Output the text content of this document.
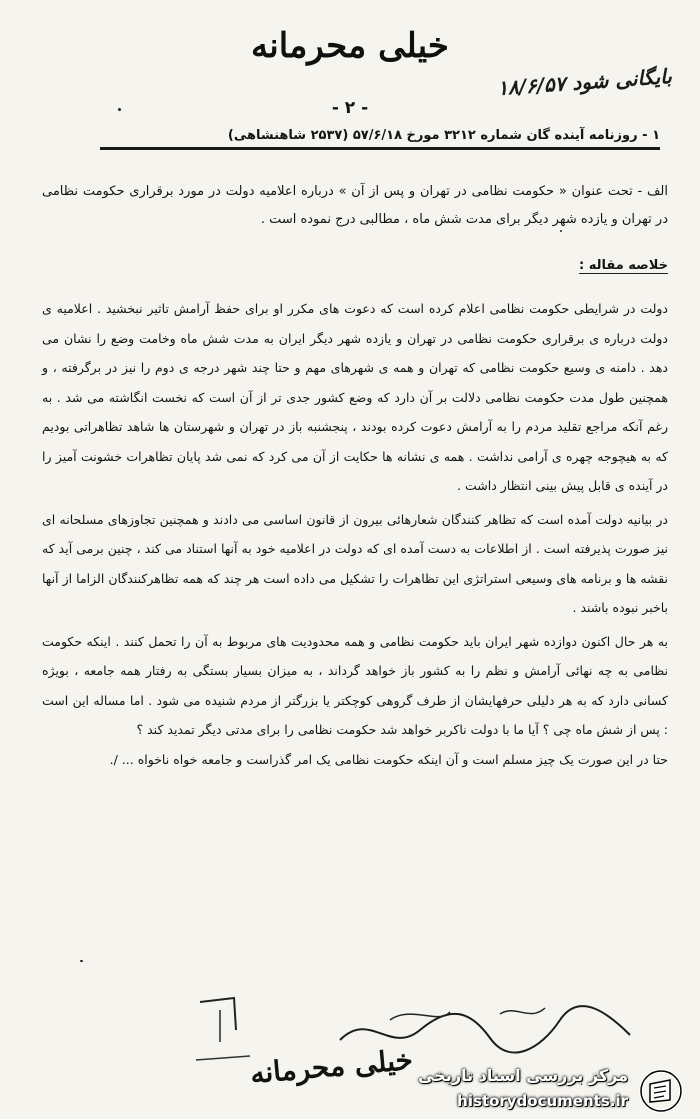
خیلی محرمانه
بایگانی شود ۱۸/۶/۵۷
- ۲ -
۱ - روزنامه آینده گان شماره ۳۲۱۲ مورخ ۵۷/۶/۱۸ (۲۵۳۷ شاهنشاهی)
الف - تحت عنوان « حکومت نظامی در تهران و پس از آن » درباره اعلامیه دولت در مورد برقراری حکومت نظامی در تهران و یازده شهر دیگر برای مدت شش ماه ، مطالبی درج نموده است .
خلاصه مقاله :

دولت در شرایطی حکومت نظامی اعلام کرده است که دعوت های مکرر او برای حفظ آرامش تاثیر نبخشید . اعلامیه ی دولت درباره ی برقراری حکومت نظامی در تهران و یازده شهر دیگر ایران به مدت شش ماه وخامت وضع را نشان می دهد . دامنه ی وسیع حکومت نظامی که تهران و همه ی شهرهای مهم و حتا چند شهر درجه ی دوم را نیز در برگرفته ، و همچنین طول مدت حکومت نظامی دلالت بر آن دارد که وضع کشور جدی تر از آن است که نخست انگاشته می شد . به رغم آنکه مراجع تقلید مردم را به آرامش دعوت کرده بودند ، پنجشنبه باز در تهران و شهرستان ها شاهد تظاهراتی بودیم که به هیچوجه چهره ی آرامی نداشت . همه ی نشانه ها حکایت از آن می کرد که نمی شد پایان تظاهرات خشونت آمیز را در آینده ی قابل پیش بینی انتظار داشت .

در بیانیه دولت آمده است که تظاهر کنندگان شعارهائی بیرون از قانون اساسی می دادند و همچنین تجاوزهای مسلحانه ای نیز صورت پذیرفته است . از اطلاعات به دست آمده ای که دولت در اعلامیه خود به آنها استناد می کند ، چنین برمی آید که نقشه ها و برنامه های وسیعی استراتژی این تظاهرات را تشکیل می داده است هر چند که همه تظاهرکنندگان الزاما از آنها باخبر نبوده باشند .

به هر حال اکنون دوازده شهر ایران باید حکومت نظامی و همه محدودیت های مربوط به آن را تحمل کنند . اینکه حکومت نظامی به چه نهائی آرامش و نظم را به کشور باز خواهد گرداند ، به میزان بسیار بستگی به رفتار همه جامعه ، بویژه کسانی دارد که به هر دلیلی حرفهایشان از طرف گروهی کوچکتر یا بزرگتر از مردم شنیده می شود . اما مساله این است : پس از شش ماه چی ؟ آیا ما با دولت ناکربر خواهد شد حکومت نظامی را برای مدتی دیگر تمدید کند ؟

حتا در این صورت یک چیز مسلم است و آن اینکه حکومت نظامی یک امر گذراست و جامعه خواه ناخواه ... /.

خیلی محرمانه مرکز بررسی اسناد تاریخی
historydocuments.ir
